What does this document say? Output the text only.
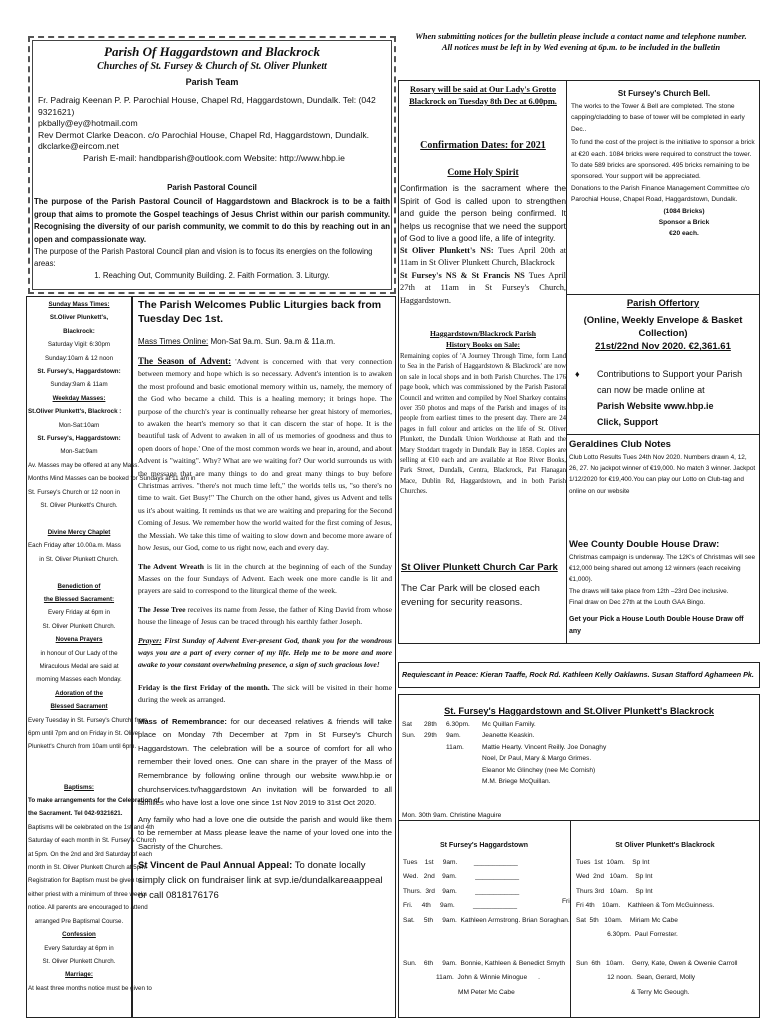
When submitting notices for the bulletin please include a contact name and telephone number.
All notices must be left in by Wed evening at 6p.m. to be included in the bulletin
Parish Of Haggardstown and Blackrock
Churches of St. Fursey & Church of St. Oliver Plunkett
Parish Team
Fr. Padraig Keenan P. P. Parochial House, Chapel Rd, Haggardstown, Dundalk. Tel: (042 9321621)
pkbally@ey@hotmail.com
Rev Dermot Clarke Deacon. c/o Parochial House, Chapel Rd, Haggardstown, Dundalk.
dkclarke@eircom.net
Parish E-mail: handbparish@outlook.com Website: http://www.hbp.ie
Parish Pastoral Council
The purpose of the Parish Pastoral Council of Haggardstown and Blackrock is to be a faith group that aims to promote the Gospel teachings of Jesus Christ within our parish community. Recognising the diversity of our parish community, we commit to do this by reaching out in an open and compassionate way.
The purpose of the Parish Pastoral Council plan and vision is to focus its energies on the following areas:
1. Reaching Out, Community Building. 2. Faith Formation. 3. Liturgy.
Sunday Mass Times:
St.Oliver Plunkett's,
Blackrock:
Saturday Vigil: 6:30pm
Sunday:10am & 12 noon
St. Fursey's, Haggardstown:
Sunday:9am & 11am
Weekday Masses:
St.Oliver Plunkett's, Blackrock :
Mon-Sat:10am
St. Fursey's, Haggardstown:
Mon-Sat:9am
Av. Masses may be offered at any Mass.
Months Mind Masses can be booked for Sundays at 11 am in
St. Fursey's Church or 12 noon in
St. Oliver Plunkett's Church.

Divine Mercy Chaplet
Each Friday after 10.00a.m. Mass
in St. Oliver Plunkett Church.

Benediction of
the Blessed Sacrament:
Every Friday at 6pm in
St. Oliver Plunkett Church.
Novena Prayers
in honour of Our Lady of the
Miraculous Medal are said at
morning Masses each Monday.
Adoration of the
Blessed Sacrament
Every Tuesday in St. Fursey's Church, from
6pm until 7pm and on Friday in St. Oliver
Plunkett's Church from 10am until 6pm.

Baptisms:
To make arrangements for the Celebration of
the Sacrament. Tel 042-9321621.
Baptisms will be celebrated on the 1st and 4th
Saturday of each month in St. Fursey's Church
at 5pm. On the 2nd and 3rd Saturday of each
month in St. Oliver Plunkett Church at 5pm.
Registration for Baptism must be given to
either priest with a minimum of three weeks
notice. All parents are encouraged to attend
arranged Pre Baptismal Course.
Confession
Every Saturday at 6pm in
St. Oliver Plunkett Church.
Marriage:
At least three months notice must be given to
The Parish Welcomes Public Liturgies back from Tuesday Dec 1st.
Mass Times Online: Mon-Sat 9a.m. Sun. 9a.m & 11a.m.
The Season of Advent: 'Advent is concerned with that very connection between memory and hope which is so necessary. Advent's intention is to awaken the most profound and basic emotional memory within us, namely, the memory of the God who became a child. This is a healing memory; it brings hope. The purpose of the church's year is continually rehearse her great history of memories, to awaken the heart's memory so that it can discern the star of hope. It is the beautiful task of Advent to awaken in all of us memories of goodness and thus to open doors of hope.' One of the most common words we hear in, around, and about Advent is "waiting". Why? What are we waiting for? Our world surrounds us with the message that are many things to do and great many things to buy before Christmas arrives. "there's not much time left," the worlds tells us, "so there's no time to wait. Get Busy!" The Church on the other hand, gives us Advent and tells us it's about waiting. It reminds us that we are waiting and preparing for the Second Coming of Jesus. We remember how the world waited for the first coming of Jesus, the Messiah. We take this time of waiting to slow down and become more aware of how Jesus, our God, come to us right now, each and every day.
The Advent Wreath is lit in the church at the beginning of each of the Sunday Masses on the four Sundays of Advent. Each week one more candle is lit and prayers are said to correspond to the liturgical theme of the week.
The Jesse Tree receives its name from Jesse, the father of King David from whose house the lineage of Jesus can be traced through his earthly father Joseph.
Prayer: First Sunday of Advent Ever-present God, thank you for the wondrous ways you are a part of every corner of my life. Help me to be more and more awake to your constant overwhelming presence, a sign of such gracious love!
Friday is the first Friday of the month. The sick will be visited in their home during the week as arranged.
Mass of Remembrance: for our deceased relatives & friends will take place on Monday 7th December at 7pm in St Fursey's Church Haggardstown. The celebration will be a source of comfort for all who remember their loved ones. One can share in the prayer of the Mass of Remembrance by following online through our website www.hbp.ie or churchservices.tv/haggardstown An invitation will be forwarded to all families who have lost a love one since 1st Nov 2019 to 31st Oct 2020.
Any family who had a love one die outside the parish and would like them to be remember at Mass please leave the name of your loved one into the Sacristy of the Churches.
St Vincent de Paul Annual Appeal: To donate locally simply click on fundraiser link at svp.ie/dundalkareaappeal or call 0818176176
Rosary will be said at Our Lady's Grotto Blackrock on Tuesday 8th Dec at 6.00pm.
Confirmation Dates: for 2021
Come Holy Spirit
Confirmation is the sacrament where the Spirit of God is called upon to strengthen and guide the person being confirmed. It helps us recognise that we need the support of God to live a good life, a life of integrity.
St Oliver Plunkett's NS: Tues April 20th at 11am in St Oliver Plunkett Church, Blackrock
St Fursey's NS & St Francis NS Tues April 27th at 11am in St Fursey's Church, Haggardstown.
Haggardstown/Blackrock Parish
History Books on Sale:
Remaining copies of 'A Journey Through Time, form Land to Sea in the Parish of Haggardstown & Blackrock' are now on sale in local shops and in both Parish Churches. The 176 page book, which was commissioned by the Parish Pastoral Council and written and compiled by Noel Sharkey contains over 350 photos and maps of the Parish and images of its people from earliest times to the present day. There are 24 pages in full colour and articles on the life of St. Oliver Plunkett, the Dundalk Union Workhouse at Rath and the Mary Stoddart tragedy in Dundalk Bay in 1858. Copies are selling at €10 each and are available at Roe River Books, Park Street, Dundalk, Centra, Blackrock, Pat Flanagan Mace, Dublin Rd, Haggardstown, and in both Parish Churches.
St Oliver Plunkett Church Car Park
The Car Park will be closed each evening for security reasons.
St Fursey's Church Bell.
The works to the Tower & Bell are completed. The stone capping/cladding to base of tower will be completed in early Dec..
To fund the cost of the project is the initiative to sponsor a brick at €20 each. 1084 bricks were required to construct the tower. To date 589 bricks are sponsored. 495 bricks remaining to be sponsored. Your support will be appreciated.
Donations to the Parish Finance Management Committee c/o Parochial House, Chapel Road, Haggardstown, Dundalk.
(1084 Bricks)
Sponsor a Brick
€20 each.
Parish Offertory
(Online, Weekly Envelope & Basket Collection)
21st/22nd Nov 2020. €2,361.61
♦	Contributions to Support your Parish
can now be made online at
Parish Website www.hbp.ie
Click, Support
Geraldines Club Notes
Club Lotto Results Tues 24th Nov 2020. Numbers drawn 4, 12, 26, 27. No jackpot winner of €19,000. No match 3 winner. Jackpot 1/12/2020 for €19,400.You can play our Lotto on Club-tag and online on our website
Wee County Double House Draw:
Christmas campaign is underway. The 12K's of Christmas will see €12,000 being shared out among 12 winners (each receiving €1,000).
The draws will take place from 12th –23rd Dec inclusive.
Final draw on Dec 27th at the Louth GAA Bingo.
Get your Pick a House Louth Double House Draw off any
Requiescant in Peace: Kieran Taaffe, Rock Rd. Kathleen Kelly Oaklawns. Susan Stafford Aghameen Pk.
St. Fursey's Haggardstown and St.Oliver Plunkett's Blackrock
Sat	28th	6.30pm.	Mc Quillan Family.
Sun.	29th	9am.	Jeanette Keaskin.
11am.	Mattie Hearty. Vincent Reilly. Joe Donaghy
Noel, Dr Paul, Mary & Margo Grimes.
Eleanor Mc Glinchey (nee Mc Cornish)
M.M. Briege McQuillan.
Mon. 30th 9am. Christine Maguire
St Fursey's Haggardstown	St Oliver Plunkett's Blackrock
Tues    1st     9am.         ____________
Wed.   2nd    9am.          ____________
Thurs.  3rd    9am.          ____________
Fri.     4th     9am.          ____________
Sat.     5th     9am.  Kathleen Armstrong. Brian Soraghan.

Sun.    6th     9am.  Bonnie, Kathleen & Benedict Smyth
11am.  John & Winnie Minogue      .
MM Peter Mc Cabe
Tues  1st  10am.    Sp Int
Wed  2nd   10am.    Sp Int
Thurs 3rd   10am.    Sp Int
Fri 4th    10am.    Kathleen & Tom McGuinness.
Sat  5th   10am.    Miriam Mc Cabe
6.30pm.  Paul Forrester.

Sun  6th   10am.    Gerry, Kate, Owen & Owenie Carroll
12 noon.  Sean, Gerard, Molly
& Terry Mc Geough.
Fri
